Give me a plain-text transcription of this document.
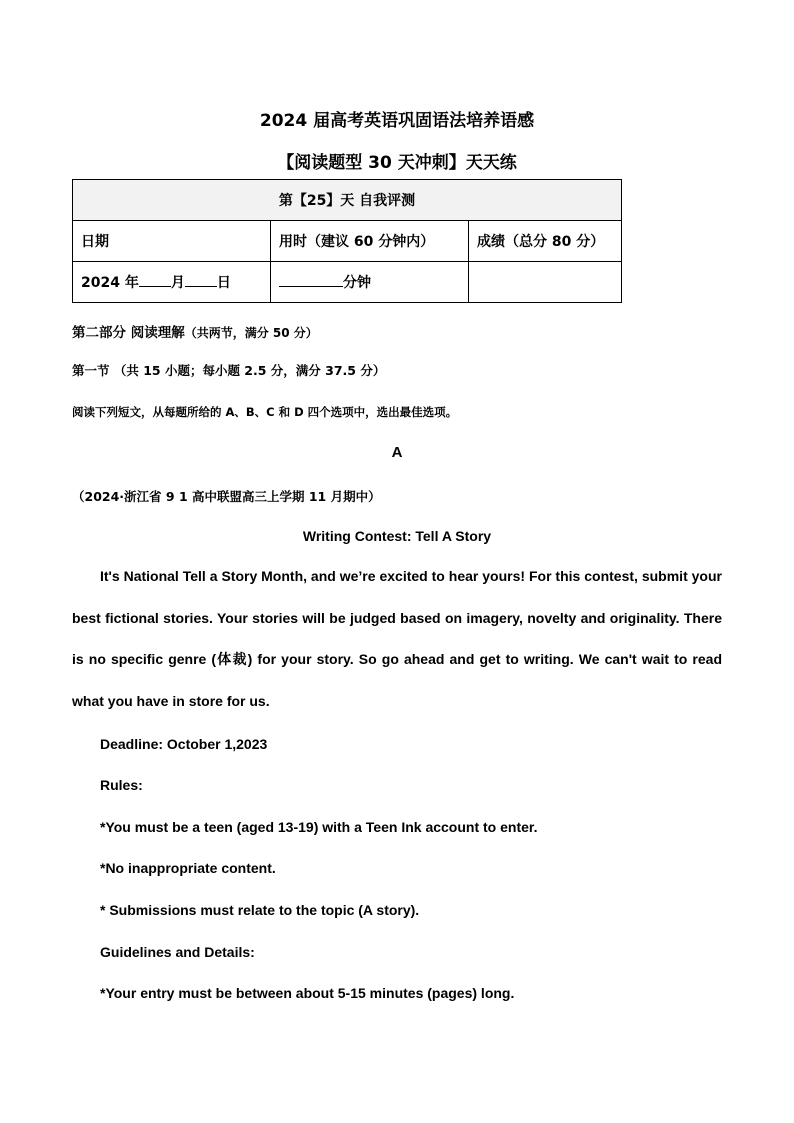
2024 届高考英语巩固语法培养语感
【阅读题型 30 天冲刺】天天练
第【25】天 自我评测		
日期	用时（建议 60 分钟内）	成绩（总分 80 分）
2024 年 月 日	分钟	
第二部分 阅读理解（共两节，满分 50 分）
第一节 （共 15 小题；每小题 2.5 分，满分 37.5 分）
阅读下列短文，从每题所给的 A、B、C 和 D 四个选项中，选出最佳选项。
A
（2024·浙江省 9 1 高中联盟高三上学期 11 月期中）
Writing Contest: Tell A Story
It's National Tell a Story Month, and we’re excited to hear yours! For this contest, submit your best fictional stories. Your stories will be judged based on imagery, novelty and originality. There is no specific genre (体裁) for your story. So go ahead and get to writing. We can't wait to read what you have in store for us.
Deadline: October 1,2023
Rules:
*You must be a teen (aged 13-19) with a Teen Ink account to enter.
*No inappropriate content.
* Submissions must relate to the topic (A story).
Guidelines and Details:
*Your entry must be between about 5-15 minutes (pages) long.
